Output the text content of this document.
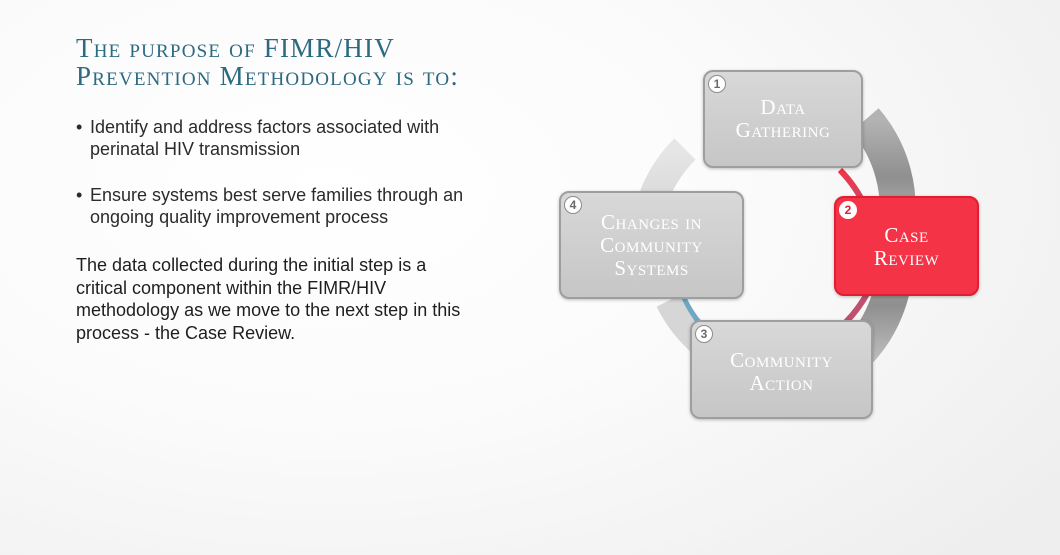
The purpose of FIMR/HIV
Prevention Methodology is to:
• Identify and address factors associated with
perinatal HIV transmission
• Ensure systems best serve families through an
ongoing quality improvement process

The data collected during the initial step is a
critical component within the FIMR/HIV
methodology as we move to the next step in this
process - the Case Review.

1
Data
Gathering
2
Case
Review
3
Community
Action
4
Changes in
Community
Systems
